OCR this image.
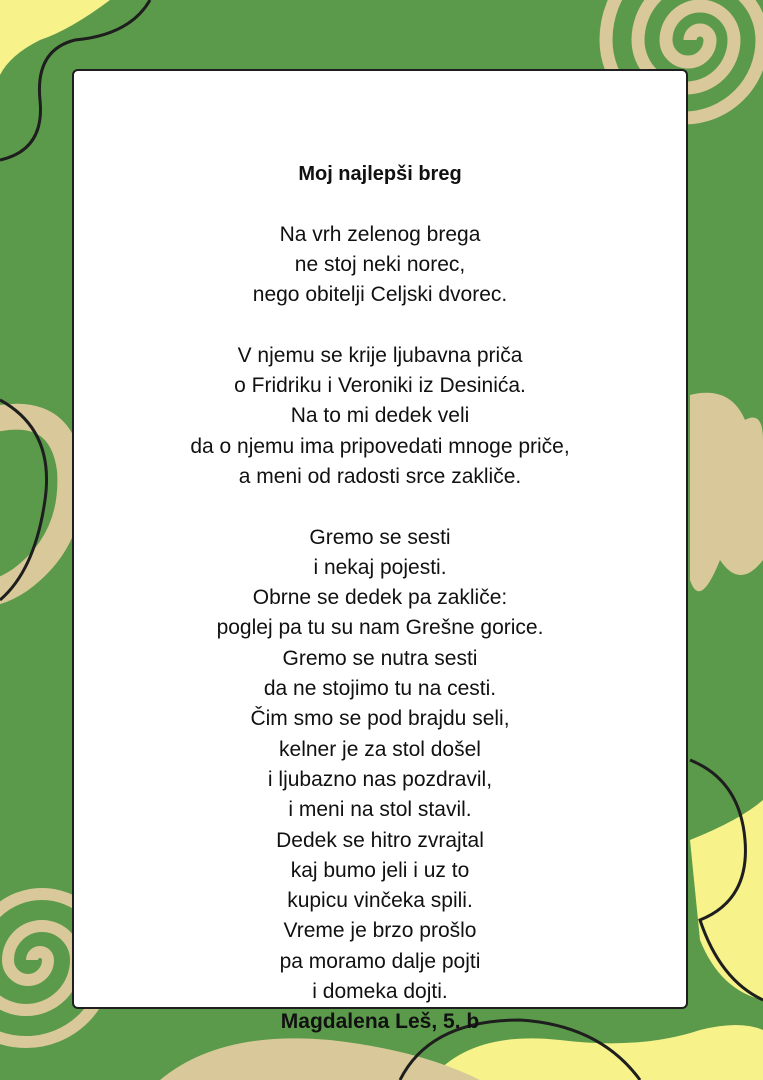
Moj najlepši breg
Na vrh zelenog brega
ne stoj neki norec,
nego obitelji Celjski dvorec.
V njemu se krije ljubavna priča
o Fridriku i Veroniki iz Desinića.
Na to mi dedek veli
da o njemu ima pripovedati mnoge priče,
a meni od radosti srce zakliče.
Gremo se sesti
i nekaj pojesti.
Obrne se dedek pa zakliče:
poglej pa tu su nam Grešne gorice.
Gremo se nutra sesti
da ne stojimo tu na cesti.
Čim smo se pod brajdu seli,
kelner je za stol došel
i ljubazno nas pozdravil,
i meni na stol stavil.
Dedek se hitro zvrajtal
kaj bumo jeli i uz to
kupicu vinčeka spili.
Vreme je brzo prošlo
pa moramo dalje pojti
i domeka dojti.
Magdalena Leš, 5. b
